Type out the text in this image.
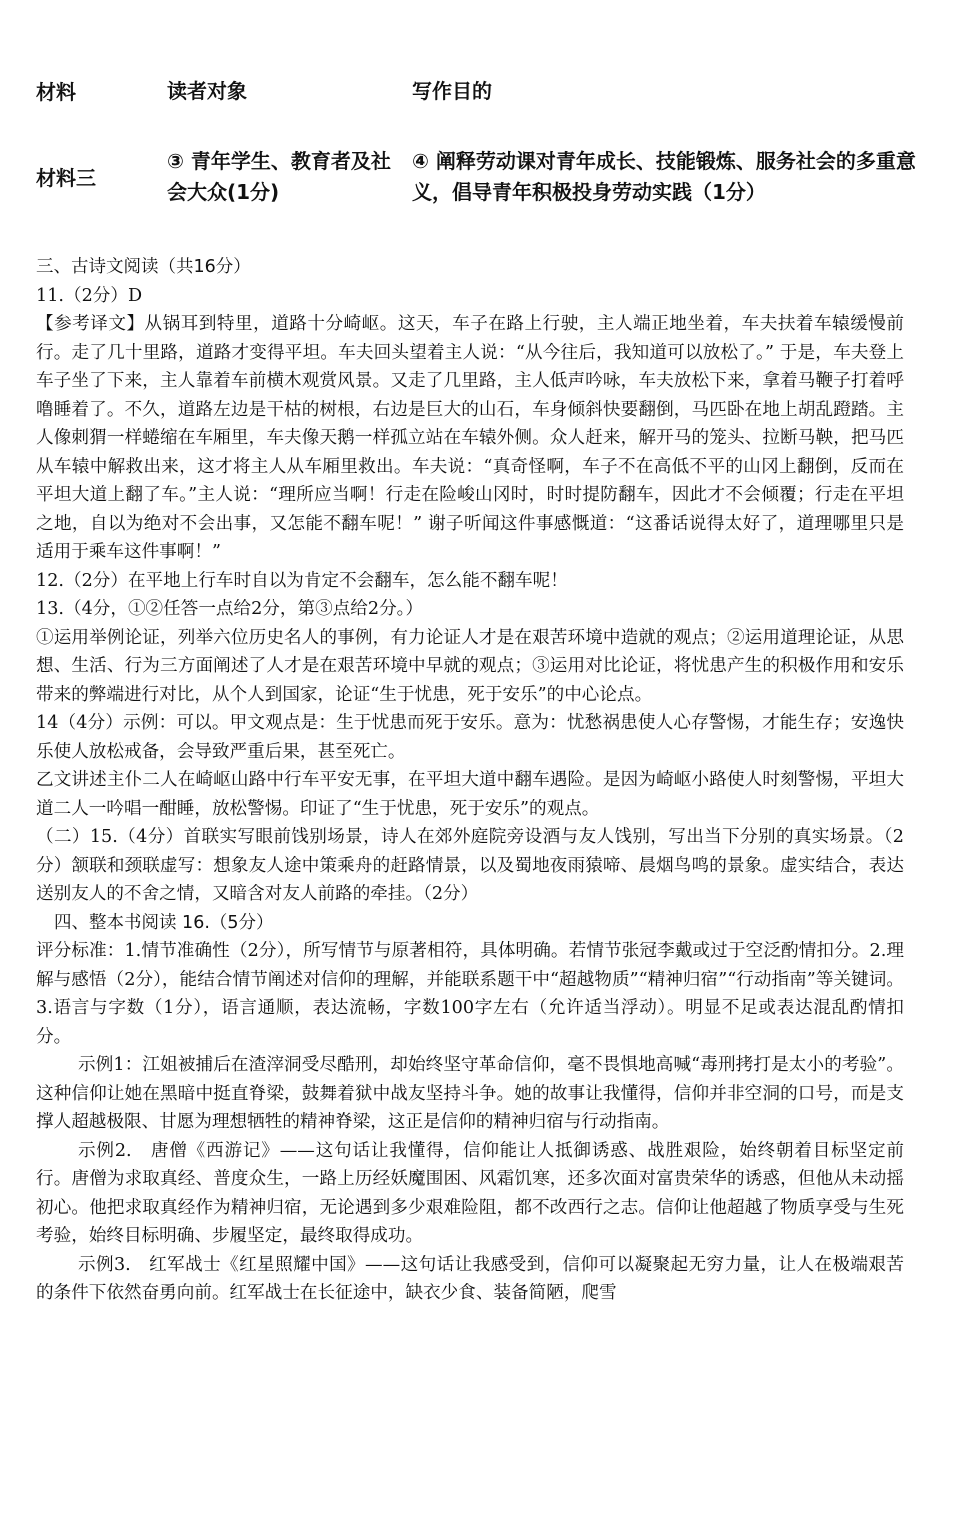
材料	读者对象	写作目的
材料三
③ 青年学生、教育者及社会大众(1分)
④ 阐释劳动课对青年成长、技能锻炼、服务社会的多重意义，倡导青年积极投身劳动实践（1分）

三、古诗文阅读（共16分）

11.（2分）D

【参考译文】从锅耳到特里，道路十分崎岖。这天，车子在路上行驶，主人端正地坐着，车夫扶着车辕缓慢前行。走了几十里路，道路才变得平坦。车夫回头望着主人说：“从今往后，我知道可以放松了。” 于是，车夫登上车子坐了下来，主人靠着车前横木观赏风景。又走了几里路，主人低声吟咏，车夫放松下来，拿着马鞭子打着呼噜睡着了。不久，道路左边是干枯的树根，右边是巨大的山石，车身倾斜快要翻倒，马匹卧在地上胡乱蹬踏。主人像刺猬一样蜷缩在车厢里，车夫像天鹅一样孤立站在车辕外侧。众人赶来，解开马的笼头、拉断马鞅，把马匹从车辕中解救出来，这才将主人从车厢里救出。车夫说：“真奇怪啊，车子不在高低不平的山冈上翻倒，反而在平坦大道上翻了车。”主人说：“理所应当啊！行走在险峻山冈时，时时提防翻车，因此才不会倾覆；行走在平坦之地，自以为绝对不会出事，又怎能不翻车呢！” 谢子听闻这件事感慨道：“这番话说得太好了，道理哪里只是适用于乘车这件事啊！”

12.（2分）在平地上行车时自以为肯定不会翻车，怎么能不翻车呢！

13.（4分，①②任答一点给2分，第③点给2分。）

①运用举例论证，列举六位历史名人的事例，有力论证人才是在艰苦环境中造就的观点；②运用道理论证，从思想、生活、行为三方面阐述了人才是在艰苦环境中早就的观点；③运用对比论证，将忧患产生的积极作用和安乐带来的弊端进行对比，从个人到国家，论证“生于忧患，死于安乐”的中心论点。

14（4分）示例：可以。甲文观点是：生于忧患而死于安乐。意为：忧愁祸患使人心存警惕，才能生存；安逸快乐使人放松戒备，会导致严重后果，甚至死亡。

乙文讲述主仆二人在崎岖山路中行车平安无事，在平坦大道中翻车遇险。是因为崎岖小路使人时刻警惕，平坦大道二人一吟唱一酣睡，放松警惕。印证了“生于忧患，死于安乐”的观点。

（二）15.（4分）首联实写眼前饯别场景，诗人在郊外庭院旁设酒与友人饯别，写出当下分别的真实场景。（2分）颔联和颈联虚写：想象友人途中策乘舟的赶路情景，以及蜀地夜雨猿啼、晨烟鸟鸣的景象。虚实结合，表达送别友人的不舍之情，又暗含对友人前路的牵挂。（2分）

四、整本书阅读 16.（5分）

评分标准：1.情节准确性（2分），所写情节与原著相符，具体明确。若情节张冠李戴或过于空泛酌情扣分。2.理解与感悟（2分），能结合情节阐述对信仰的理解，并能联系题干中“超越物质”“精神归宿”“行动指南”等关键词。3.语言与字数（1分），语言通顺，表达流畅，字数100字左右（允许适当浮动）。明显不足或表达混乱酌情扣分。

示例1：江姐被捕后在渣滓洞受尽酷刑，却始终坚守革命信仰，毫不畏惧地高喊“毒刑拷打是太小的考验”。这种信仰让她在黑暗中挺直脊梁，鼓舞着狱中战友坚持斗争。她的故事让我懂得，信仰并非空洞的口号，而是支撑人超越极限、甘愿为理想牺牲的精神脊梁，这正是信仰的精神归宿与行动指南。

示例2.　唐僧《西游记》——这句话让我懂得，信仰能让人抵御诱惑、战胜艰险，始终朝着目标坚定前行。唐僧为求取真经、普度众生，一路上历经妖魔围困、风霜饥寒，还多次面对富贵荣华的诱惑，但他从未动摇初心。他把求取真经作为精神归宿，无论遇到多少艰难险阻，都不改西行之志。信仰让他超越了物质享受与生死考验，始终目标明确、步履坚定，最终取得成功。

示例3.　红军战士《红星照耀中国》——这句话让我感受到，信仰可以凝聚起无穷力量，让人在极端艰苦的条件下依然奋勇向前。红军战士在长征途中，缺衣少食、装备简陋，爬雪
